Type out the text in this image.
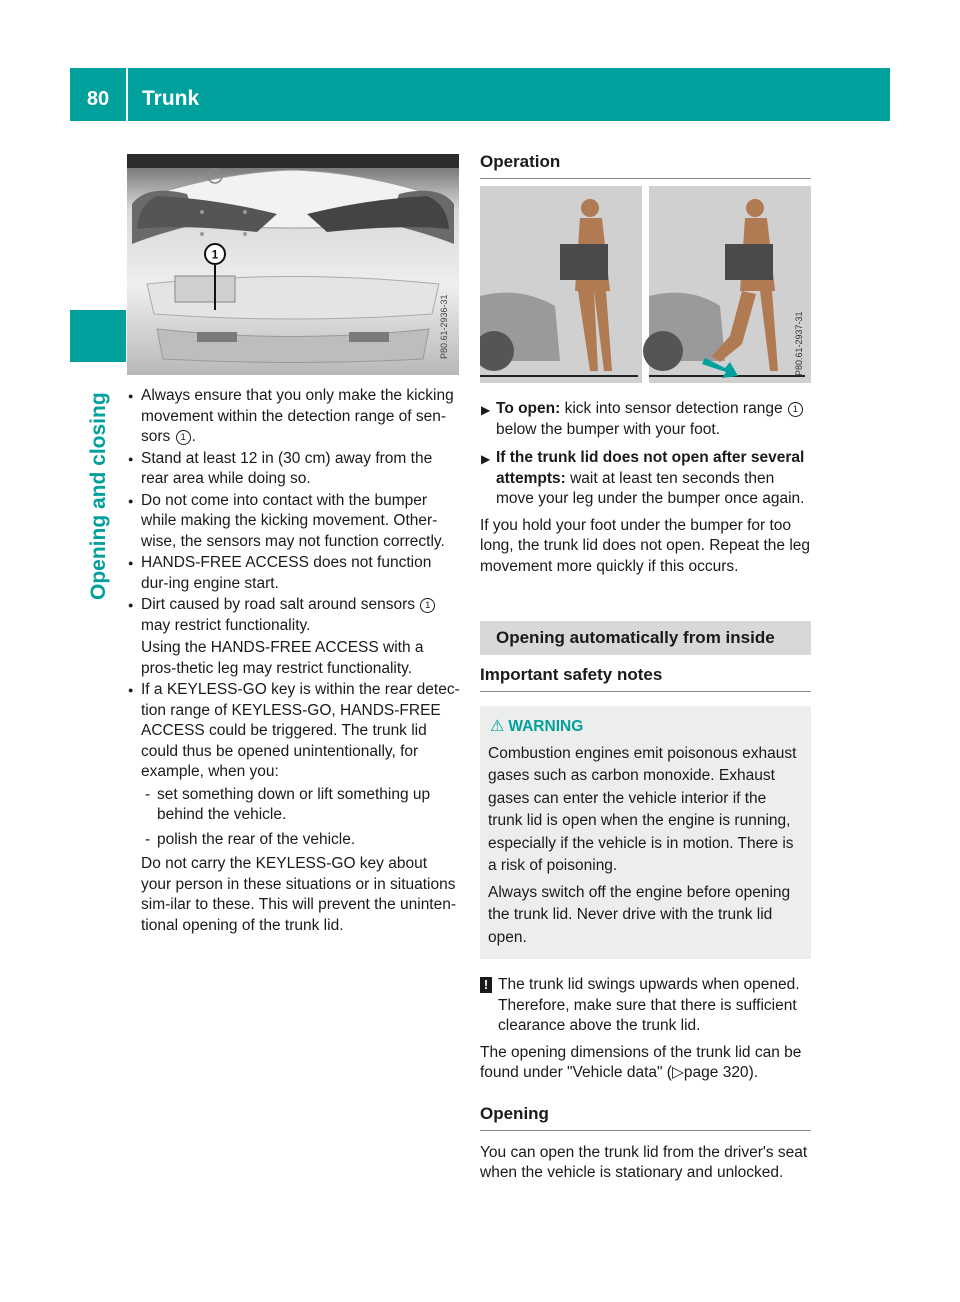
80	Trunk
Opening and closing
1
P80.61-2936-31	P80.61-2937-31
● Always ensure that you only make the kicking movement within the detection range of sen-sors 1 .
● Stand at least 12 in (30 cm) away from the rear area while doing so.
● Do not come into contact with the bumper while making the kicking movement. Other-wise, the sensors may not function correctly.
● HANDS-FREE ACCESS does not function dur-ing engine start.

● Dirt caused by road salt around sensors 1 may restrict functionality.

Using the HANDS-FREE ACCESS with a pros-thetic leg may restrict functionality.

● If a KEYLESS-GO key is within the rear detec-tion range of KEYLESS-GO, HANDS-FREE ACCESS could be triggered. The trunk lid could thus be opened unintentionally, for example, when you:

- set something down or lift something up behind the vehicle.
- polish the rear of the vehicle.

Do not carry the KEYLESS-GO key about your person in these situations or in situations sim-ilar to these. This will prevent the uninten-tional opening of the trunk lid.

Operation
▶ To open: kick into sensor detection range 1 below the bumper with your foot.
▶ If the trunk lid does not open after several attempts: wait at least ten seconds then move your leg under the bumper once again.

If you hold your foot under the bumper for too long, the trunk lid does not open. Repeat the leg movement more quickly if this occurs.

Opening automatically from inside
Important safety notes
⚠ WARNING

Combustion engines emit poisonous exhaust gases such as carbon monoxide. Exhaust gases can enter the vehicle interior if the trunk lid is open when the engine is running, especially if the vehicle is in motion. There is a risk of poisoning.

Always switch off the engine before opening the trunk lid. Never drive with the trunk lid open.

! The trunk lid swings upwards when opened. Therefore, make sure that there is sufficient clearance above the trunk lid.

The opening dimensions of the trunk lid can be found under "Vehicle data" (▷page 320).

Opening

You can open the trunk lid from the driver's seat when the vehicle is stationary and unlocked.
